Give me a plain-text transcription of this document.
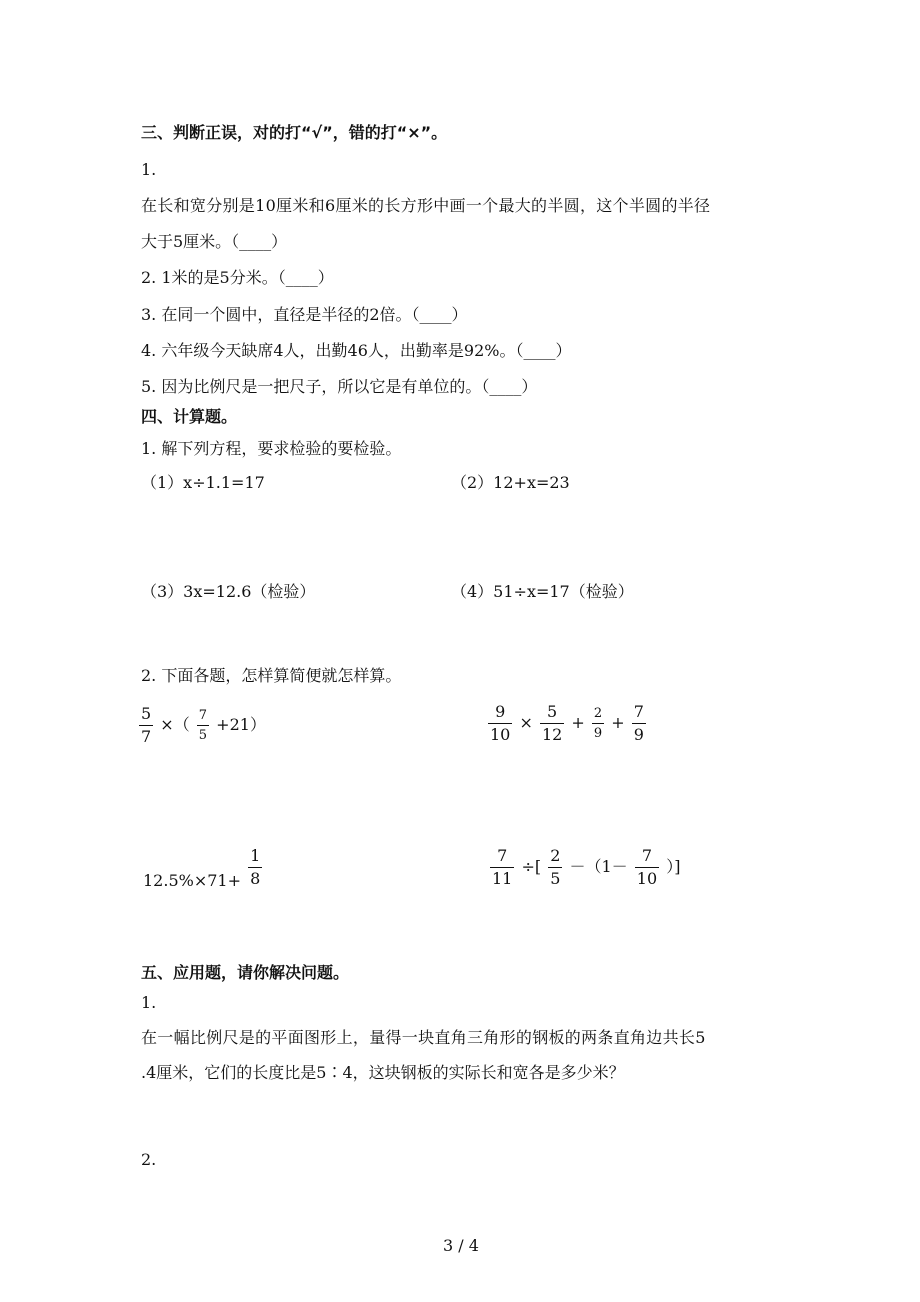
三、判断正误，对的打“√”，错的打“×”。
1.
在长和宽分别是10厘米和6厘米的长方形中画一个最大的半圆，这个半圆的半径
大于5厘米。（____）
2. 1米的是5分米。（____）
3. 在同一个圆中，直径是半径的2倍。（____）
4. 六年级今天缺席4人，出勤46人，出勤率是92%。（____）
5. 因为比例尺是一把尺子，所以它是有单位的。（____）
四、计算题。
1. 解下列方程，要求检验的要检验。
（1）x÷1.1=17	（2）12+x=23
（3）3x=12.6（检验）	（4）51÷x=17（检验）
2. 下面各题，怎样算简便就怎样算。
$\frac{5}{7}$ ×（ $\frac{7}{5} +21$）	$\frac{9}{10} \times \frac{5}{12} + \frac{2}{9} + \frac{7}{9}$
$12.5\%\times 71+ \frac{1}{8}$	$\frac{7}{11}$ ÷[ $\frac{2}{5} -(1- \frac{7}{10}$ ）]
五、应用题，请你解决问题。
1.
在一幅比例尺是的平面图形上，量得一块直角三角形的钢板的两条直角边共长5
.4厘米，它们的长度比是5∶4，这块钢板的实际长和宽各是多少米？
2.
3 / 4
